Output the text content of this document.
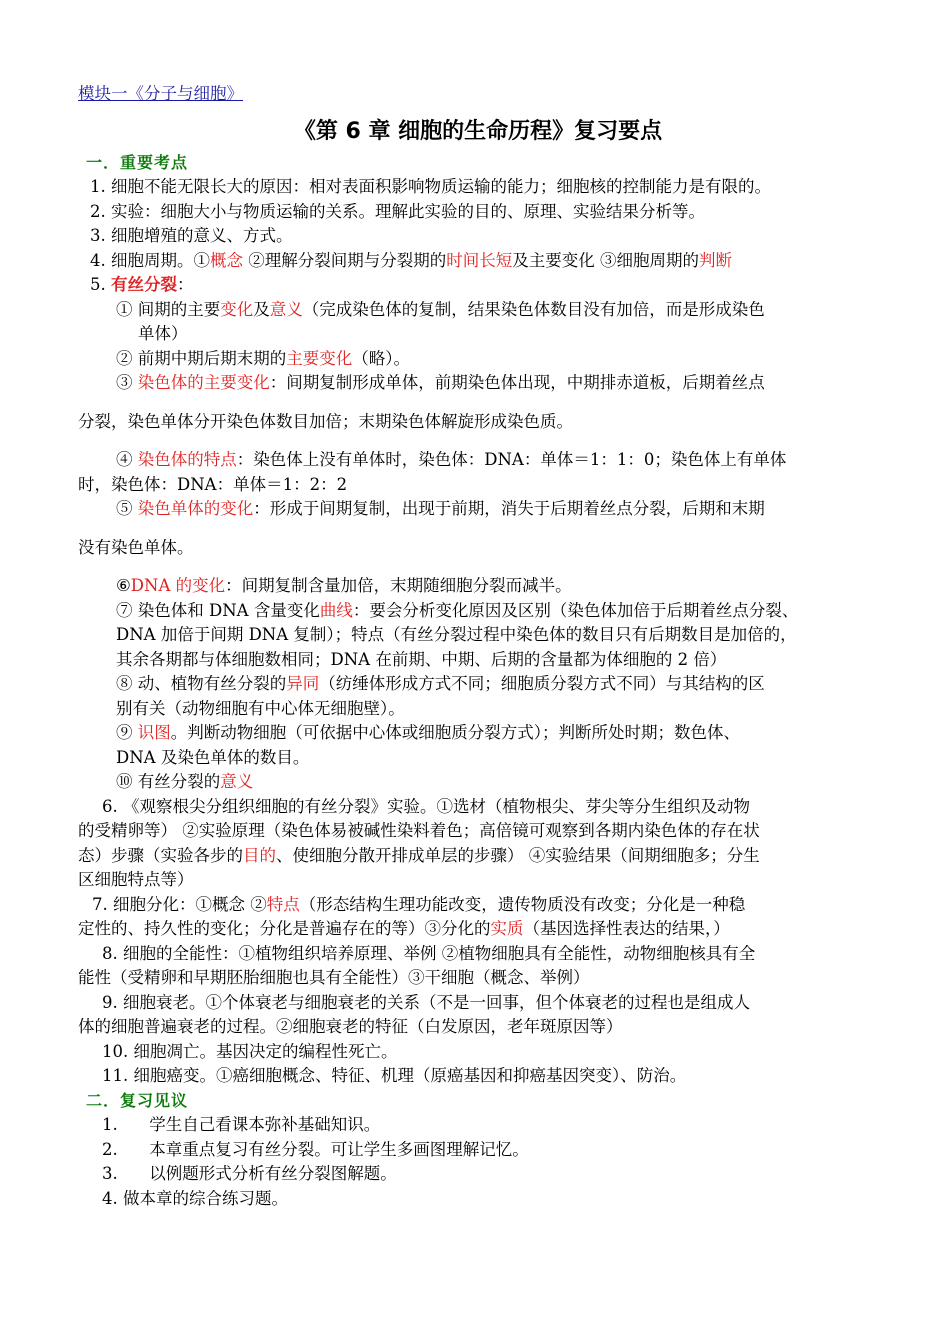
模块一《分子与细胞》
《第 6 章 细胞的生命历程》复习要点
一．重要考点

1. 细胞不能无限长大的原因：相对表面积影响物质运输的能力；细胞核的控制能力是有限的。

2. 实验：细胞大小与物质运输的关系。理解此实验的目的、原理、实验结果分析等。

3. 细胞增殖的意义、方式。

4. 细胞周期。①概念 ②理解分裂间期与分裂期的时间长短及主要变化 ③细胞周期的判断

5. 有丝分裂：

① 间期的主要变化及意义（完成染色体的复制，结果染色体数目没有加倍，而是形成染色

单体）

② 前期中期后期末期的主要变化（略）。

③ 染色体的主要变化：间期复制形成单体，前期染色体出现，中期排赤道板，后期着丝点

分裂，染色单体分开染色体数目加倍；末期染色体解旋形成染色质。

④ 染色体的特点：染色体上没有单体时，染色体：DNA：单体＝1：1：0；染色体上有单体

时，染色体：DNA：单体＝1：2：2

⑤ 染色单体的变化：形成于间期复制，出现于前期，消失于后期着丝点分裂，后期和末期

没有染色单体。

⑥DNA 的变化：间期复制含量加倍，末期随细胞分裂而减半。

⑦ 染色体和 DNA 含量变化曲线：要会分析变化原因及区别（染色体加倍于后期着丝点分裂、

DNA 加倍于间期 DNA 复制）；特点（有丝分裂过程中染色体的数目只有后期数目是加倍的，

其余各期都与体细胞数相同；DNA 在前期、中期、后期的含量都为体细胞的 2 倍）

⑧ 动、植物有丝分裂的异同（纺缍体形成方式不同；细胞质分裂方式不同）与其结构的区

别有关（动物细胞有中心体无细胞壁）。

⑨ 识图。判断动物细胞（可依据中心体或细胞质分裂方式）；判断所处时期；数色体、

DNA 及染色单体的数目。

⑩ 有丝分裂的意义

6. 《观察根尖分组织细胞的有丝分裂》实验。①选材（植物根尖、芽尖等分生组织及动物

的受精卵等） ②实验原理（染色体易被碱性染料着色；高倍镜可观察到各期内染色体的存在状

态）步骤（实验各步的目的、使细胞分散开排成单层的步骤） ④实验结果（间期细胞多；分生

区细胞特点等）

7. 细胞分化：①概念 ②特点（形态结构生理功能改变，遗传物质没有改变；分化是一种稳

定性的、持久性的变化；分化是普遍存在的等）③分化的实质（基因选择性表达的结果，）

8. 细胞的全能性：①植物组织培养原理、举例 ②植物细胞具有全能性，动物细胞核具有全

能性（受精卵和早期胚胎细胞也具有全能性）③干细胞（概念、举例）

9. 细胞衰老。①个体衰老与细胞衰老的关系（不是一回事，但个体衰老的过程也是组成人

体的细胞普遍衰老的过程。②细胞衰老的特征（白发原因，老年斑原因等）

10. 细胞凋亡。基因决定的编程性死亡。

11. 细胞癌变。①癌细胞概念、特征、机理（原癌基因和抑癌基因突变）、防治。

二．复习见议

1.      学生自己看课本弥补基础知识。

2.      本章重点复习有丝分裂。可让学生多画图理解记忆。

3.      以例题形式分析有丝分裂图解题。

4. 做本章的综合练习题。
